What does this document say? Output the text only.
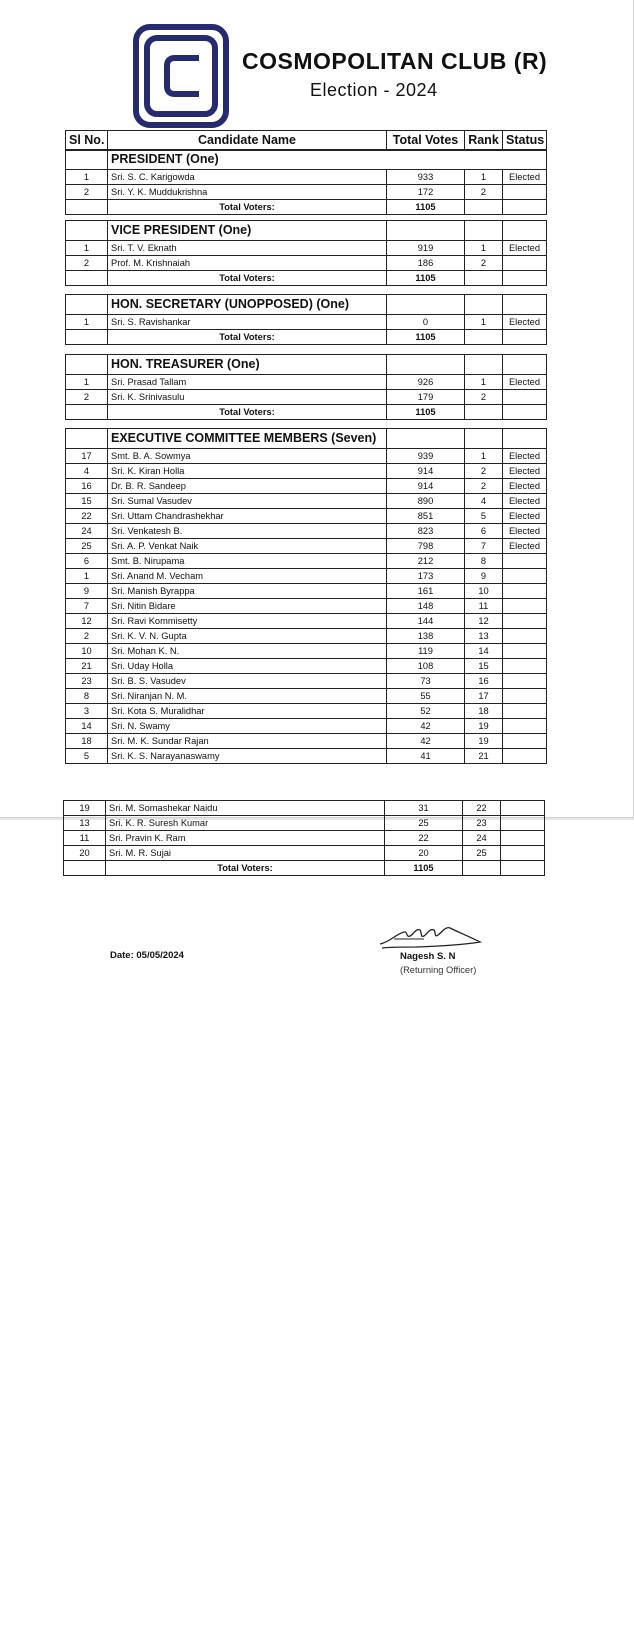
COSMOPOLITAN CLUB (R)
Election - 2024
Sl No.	Candidate Name	Total Votes	Rank	Status
	PRESIDENT (One)			
1	Sri. S. C. Karigowda	933	1	Elected
2	Sri. Y. K. Muddukrishna	172	2	
	Total Voters:	1105		
	VICE PRESIDENT (One)			
1	Sri. T. V. Eknath	919	1	Elected
2	Prof. M. Krishnaiah	186	2	
	Total Voters:	1105		
	HON. SECRETARY (UNOPPOSED) (One)			
1	Sri. S. Ravishankar	0	1	Elected
	Total Voters:	1105		
	HON. TREASURER (One)			
1	Sri. Prasad Tallam	926	1	Elected
2	Sri. K. Srinivasulu	179	2	
	Total Voters:	1105		
	EXECUTIVE COMMITTEE MEMBERS (Seven)			
17	Smt. B. A. Sowmya	939	1	Elected
4	Sri. K. Kiran Holla	914	2	Elected
16	Dr. B. R. Sandeep	914	2	Elected
15	Sri. Sumal Vasudev	890	4	Elected
22	Sri. Uttam Chandrashekhar	851	5	Elected
24	Sri. Venkatesh B.	823	6	Elected
25	Sri. A. P. Venkat Naik	798	7	Elected
6	Smt. B. Nirupama	212	8	
1	Sri. Anand M. Vecham	173	9	
9	Sri. Manish Byrappa	161	10	
7	Sri. Nitin Bidare	148	11	
12	Sri. Ravi Kommisetty	144	12	
2	Sri. K. V. N. Gupta	138	13	
10	Sri. Mohan K. N.	119	14	
21	Sri. Uday Holla	108	15	
23	Sri. B. S. Vasudev	73	16	
8	Sri. Niranjan N. M.	55	17	
3	Sri. Kota S. Muralidhar	52	18	
14	Sri. N. Swamy	42	19	
18	Sri. M. K. Sundar Rajan	42	19	
5	Sri. K. S. Narayanaswamy	41	21	
19	Sri. M. Somashekar Naidu	31	22	
13	Sri. K. R. Suresh Kumar	25	23	
11	Sri. Pravin K. Ram	22	24	
20	Sri. M. R. Sujai	20	25	
	Total Voters:	1105		
Date: 05/05/2024	Nagesh S. N
(Returning Officer)
